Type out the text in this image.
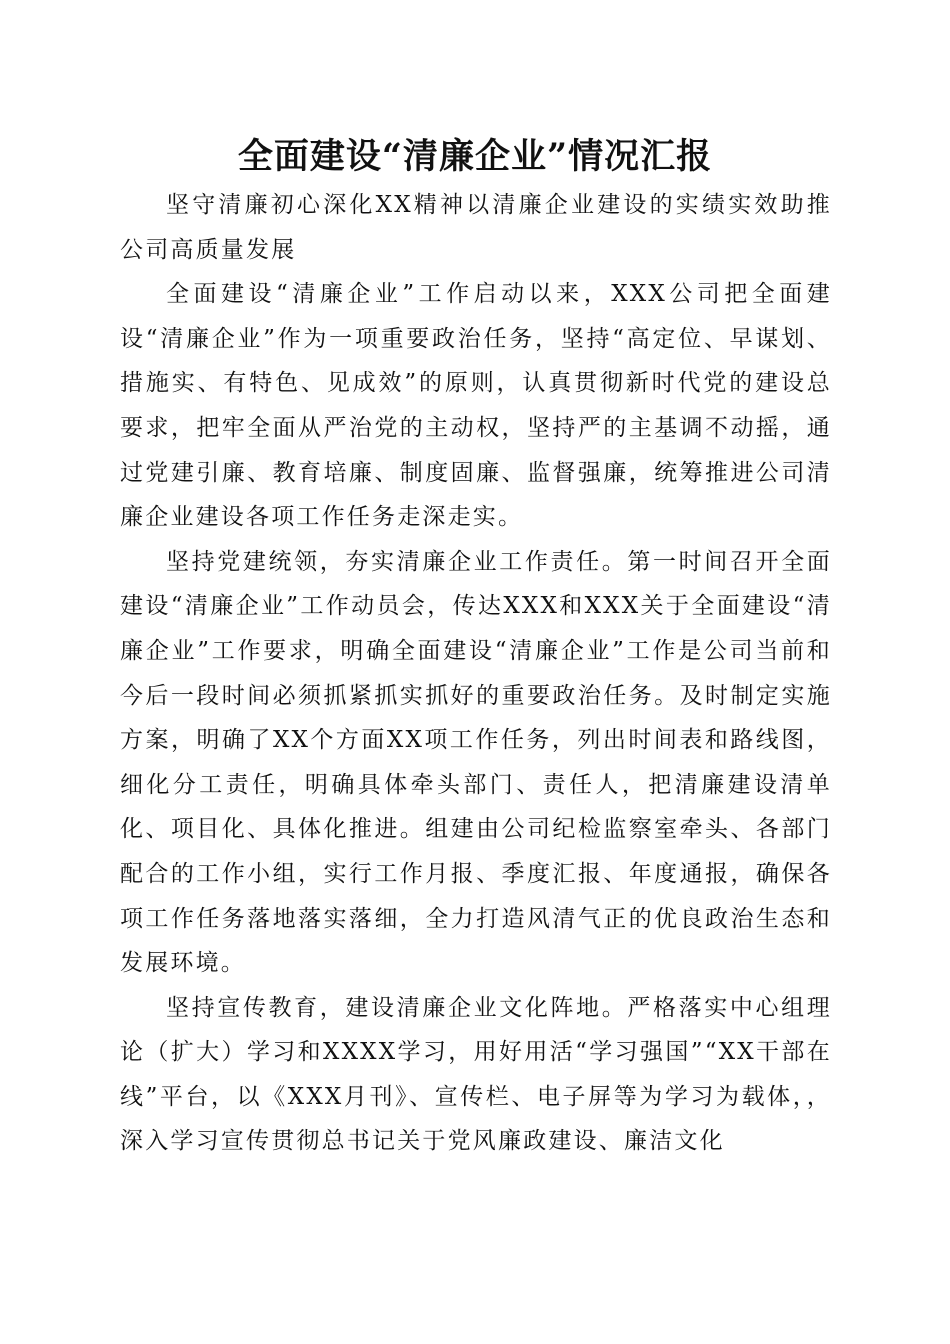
全面建设“清廉企业”情况汇报

坚守清廉初心深化XX精神以清廉企业建设的实绩实效助推公司高质量发展

全面建设“清廉企业”工作启动以来，XXX公司把全面建设“清廉企业”作为一项重要政治任务，坚持“高定位、早谋划、措施实、有特色、见成效”的原则，认真贯彻新时代党的建设总要求，把牢全面从严治党的主动权，坚持严的主基调不动摇，通过党建引廉、教育培廉、制度固廉、监督强廉，统筹推进公司清廉企业建设各项工作任务走深走实。

坚持党建统领，夯实清廉企业工作责任。第一时间召开全面建设“清廉企业”工作动员会，传达XXX和XXX关于全面建设“清廉企业”工作要求，明确全面建设“清廉企业”工作是公司当前和今后一段时间必须抓紧抓实抓好的重要政治任务。及时制定实施方案，明确了XX个方面XX项工作任务，列出时间表和路线图，细化分工责任，明确具体牵头部门、责任人，把清廉建设清单化、项目化、具体化推进。组建由公司纪检监察室牵头、各部门配合的工作小组，实行工作月报、季度汇报、年度通报，确保各项工作任务落地落实落细，全力打造风清气正的优良政治生态和发展环境。

坚持宣传教育，建设清廉企业文化阵地。严格落实中心组理论（扩大）学习和XXXX学习，用好用活“学习强国”“XX干部在线”平台，以《XXX月刊》、宣传栏、电子屏等为学习为载体，，深入学习宣传贯彻总书记关于党风廉政建设、廉洁文化
